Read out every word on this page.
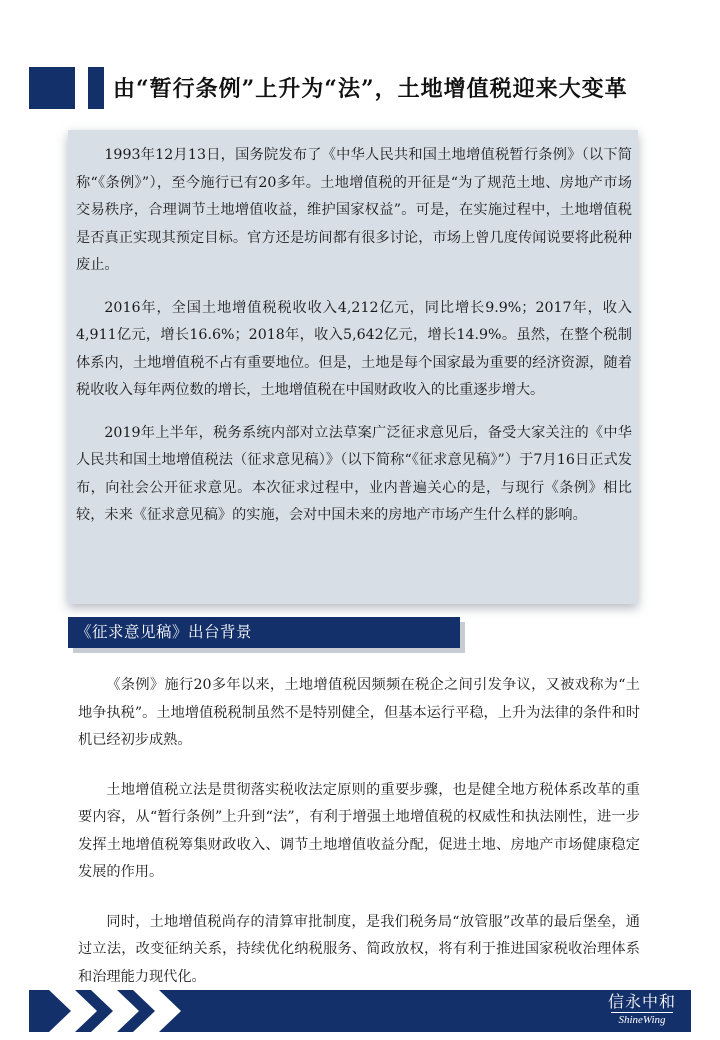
由“暂行条例”上升为“法”，土地增值税迎来大变革

1993年12月13日，国务院发布了《中华人民共和国土地增值税暂行条例》（以下简称“《条例》”），至今施行已有20多年。土地增值税的开征是“为了规范土地、房地产市场交易秩序，合理调节土地增值收益，维护国家权益”。可是，在实施过程中，土地增值税是否真正实现其预定目标。官方还是坊间都有很多讨论，市场上曾几度传闻说要将此税种废止。

2016年，全国土地增值税税收收入4,212亿元，同比增长9.9%；2017年，收入4,911亿元，增长16.6%；2018年，收入5,642亿元，增长14.9%。虽然，在整个税制体系内，土地增值税不占有重要地位。但是，土地是每个国家最为重要的经济资源，随着税收收入每年两位数的增长，土地增值税在中国财政收入的比重逐步增大。

2019年上半年，税务系统内部对立法草案广泛征求意见后，备受大家关注的《中华人民共和国土地增值税法（征求意见稿）》（以下简称“《征求意见稿》”）于7月16日正式发布，向社会公开征求意见。本次征求过程中，业内普遍关心的是，与现行《条例》相比较，未来《征求意见稿》的实施，会对中国未来的房地产市场产生什么样的影响。

《征求意见稿》出台背景

《条例》施行20多年以来，土地增值税因频频在税企之间引发争议，又被戏称为“土地争执税”。土地增值税税制虽然不是特别健全，但基本运行平稳，上升为法律的条件和时机已经初步成熟。

土地增值税立法是贯彻落实税收法定原则的重要步骤，也是健全地方税体系改革的重要内容，从“暂行条例”上升到“法”，有利于增强土地增值税的权威性和执法刚性，进一步发挥土地增值税筹集财政收入、调节土地增值收益分配，促进土地、房地产市场健康稳定发展的作用。

同时，土地增值税尚存的清算审批制度，是我们税务局“放管服”改革的最后堡垒，通过立法，改变征纳关系，持续优化纳税服务、简政放权，将有利于推进国家税收治理体系和治理能力现代化。

信永中和
ShineWing
